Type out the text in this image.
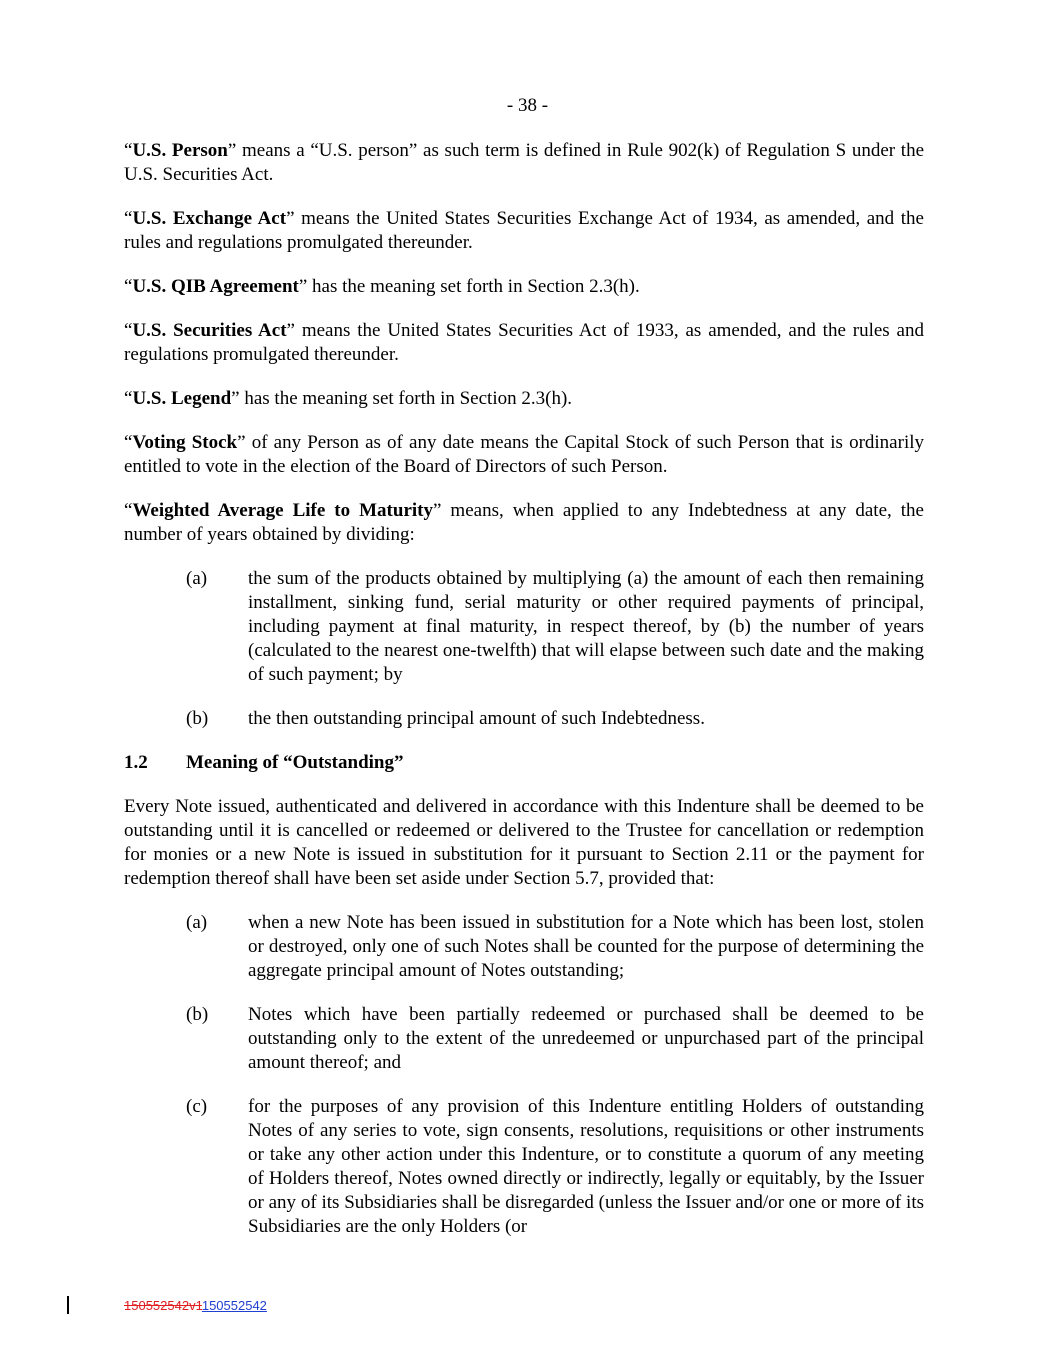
- 38 -

“U.S. Person” means a “U.S. person” as such term is defined in Rule 902(k) of Regulation S under the U.S. Securities Act.

“U.S. Exchange Act” means the United States Securities Exchange Act of 1934, as amended, and the rules and regulations promulgated thereunder.

“U.S. QIB Agreement” has the meaning set forth in Section 2.3(h).

“U.S. Securities Act” means the United States Securities Act of 1933, as amended, and the rules and regulations promulgated thereunder.

“U.S. Legend” has the meaning set forth in Section 2.3(h).

“Voting Stock” of any Person as of any date means the Capital Stock of such Person that is ordinarily entitled to vote in the election of the Board of Directors of such Person.

“Weighted Average Life to Maturity” means, when applied to any Indebtedness at any date, the number of years obtained by dividing:

(a)	the sum of the products obtained by multiplying (a) the amount of each then remaining installment, sinking fund, serial maturity or other required payments of principal, including payment at final maturity, in respect thereof, by (b) the number of years (calculated to the nearest one-twelfth) that will elapse between such date and the making of such payment; by
(b)	the then outstanding principal amount of such Indebtedness.
1.2	Meaning of “Outstanding”

Every Note issued, authenticated and delivered in accordance with this Indenture shall be deemed to be outstanding until it is cancelled or redeemed or delivered to the Trustee for cancellation or redemption for monies or a new Note is issued in substitution for it pursuant to Section 2.11 or the payment for redemption thereof shall have been set aside under Section 5.7, provided that:

(a)	when a new Note has been issued in substitution for a Note which has been lost, stolen or destroyed, only one of such Notes shall be counted for the purpose of determining the aggregate principal amount of Notes outstanding;
(b)	Notes which have been partially redeemed or purchased shall be deemed to be outstanding only to the extent of the unredeemed or unpurchased part of the principal amount thereof; and
(c)	for the purposes of any provision of this Indenture entitling Holders of outstanding Notes of any series to vote, sign consents, resolutions, requisitions or other instruments or take any other action under this Indenture, or to constitute a quorum of any meeting of Holders thereof, Notes owned directly or indirectly, legally or equitably, by the Issuer or any of its Subsidiaries shall be disregarded (unless the Issuer and/or one or more of its Subsidiaries are the only Holders (or
150552542v1150552542
